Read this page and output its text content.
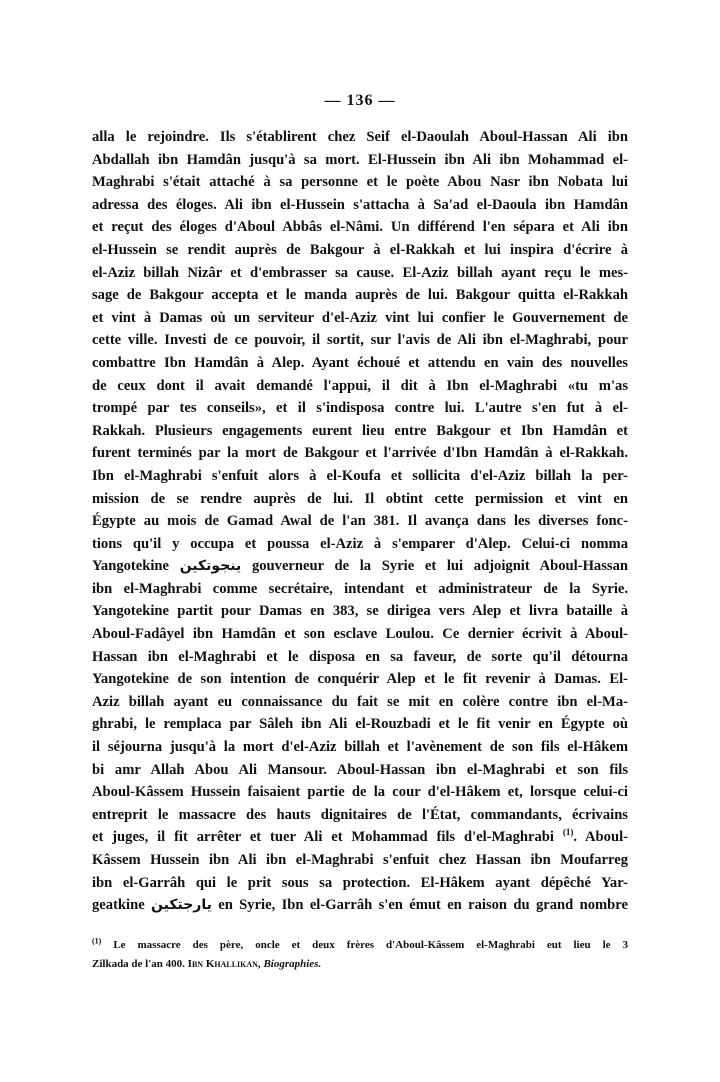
— 136 —
alla le rejoindre. Ils s'établirent chez Seif el-Daoulah Aboul-Hassan Ali ibn
Abdallah ibn Hamdân jusqu'à sa mort. El-Hussein ibn Ali ibn Mohammad el-
Maghrabi s'était attaché à sa personne et le poète Abou Nasr ibn Nobata lui
adressa des éloges. Ali ibn el-Hussein s'attacha à Sa'ad el-Daoula ibn Hamdân
et reçut des éloges d'Aboul Abbâs el-Nâmi. Un différend l'en sépara et Ali ibn
el-Hussein se rendit auprès de Bakgour à el-Rakkah et lui inspira d'écrire à
el-Aziz billah Nizâr et d'embrasser sa cause. El-Aziz billah ayant reçu le mes-
sage de Bakgour accepta et le manda auprès de lui. Bakgour quitta el-Rakkah
et vint à Damas où un serviteur d'el-Aziz vint lui confier le Gouvernement de
cette ville. Investi de ce pouvoir, il sortit, sur l'avis de Ali ibn el-Maghrabi, pour
combattre Ibn Hamdân à Alep. Ayant échoué et attendu en vain des nouvelles
de ceux dont il avait demandé l'appui, il dit à Ibn el-Maghrabi «tu m'as
trompé par tes conseils», et il s'indisposa contre lui. L'autre s'en fut à el-
Rakkah. Plusieurs engagements eurent lieu entre Bakgour et Ibn Hamdân et
furent terminés par la mort de Bakgour et l'arrivée d'Ibn Hamdân à el-Rakkah.
Ibn el-Maghrabi s'enfuit alors à el-Koufa et sollicita d'el-Aziz billah la per-
mission de se rendre auprès de lui. Il obtint cette permission et vint en
Égypte au mois de Gamad Awal de l'an 381. Il avança dans les diverses fonc-
tions qu'il y occupa et poussa el-Aziz à s'emparer d'Alep. Celui-ci nomma
Yangotekine ينجوتكين gouverneur de la Syrie et lui adjoignit Aboul-Hassan
ibn el-Maghrabi comme secrétaire, intendant et administrateur de la Syrie.
Yangotekine partit pour Damas en 383, se dirigea vers Alep et livra bataille à
Aboul-Fadâyel ibn Hamdân et son esclave Loulou. Ce dernier écrivit à Aboul-
Hassan ibn el-Maghrabi et le disposa en sa faveur, de sorte qu'il détourna
Yangotekine de son intention de conquérir Alep et le fit revenir à Damas. El-
Aziz billah ayant eu connaissance du fait se mit en colère contre ibn el-Ma-
ghrabi, le remplaca par Sâleh ibn Ali el-Rouzbadi et le fit venir en Égypte où
il séjourna jusqu'à la mort d'el-Aziz billah et l'avènement de son fils el-Hâkem
bi amr Allah Abou Ali Mansour. Aboul-Hassan ibn el-Maghrabi et son fils
Aboul-Kâssem Hussein faisaient partie de la cour d'el-Hâkem et, lorsque celui-ci
entreprit le massacre des hauts dignitaires de l'État, commandants, écrivains
et juges, il fit arrêter et tuer Ali et Mohammad fils d'el-Maghrabi $^{(1)}$. Aboul-
Kâssem Hussein ibn Ali ibn el-Maghrabi s'enfuit chez Hassan ibn Moufarreg
ibn el-Garrâh qui le prit sous sa protection. El-Hâkem ayant dépêché Yar-
geatkine يارجتكين en Syrie, Ibn el-Garrâh s'en émut en raison du grand nombre
$^{(1)}$ Le massacre des père, oncle et deux frères d'Aboul-Kâssem el-Maghrabi eut lieu le 3
Zilkada de l'an 400. Ibn Khallikan, Biographies.
